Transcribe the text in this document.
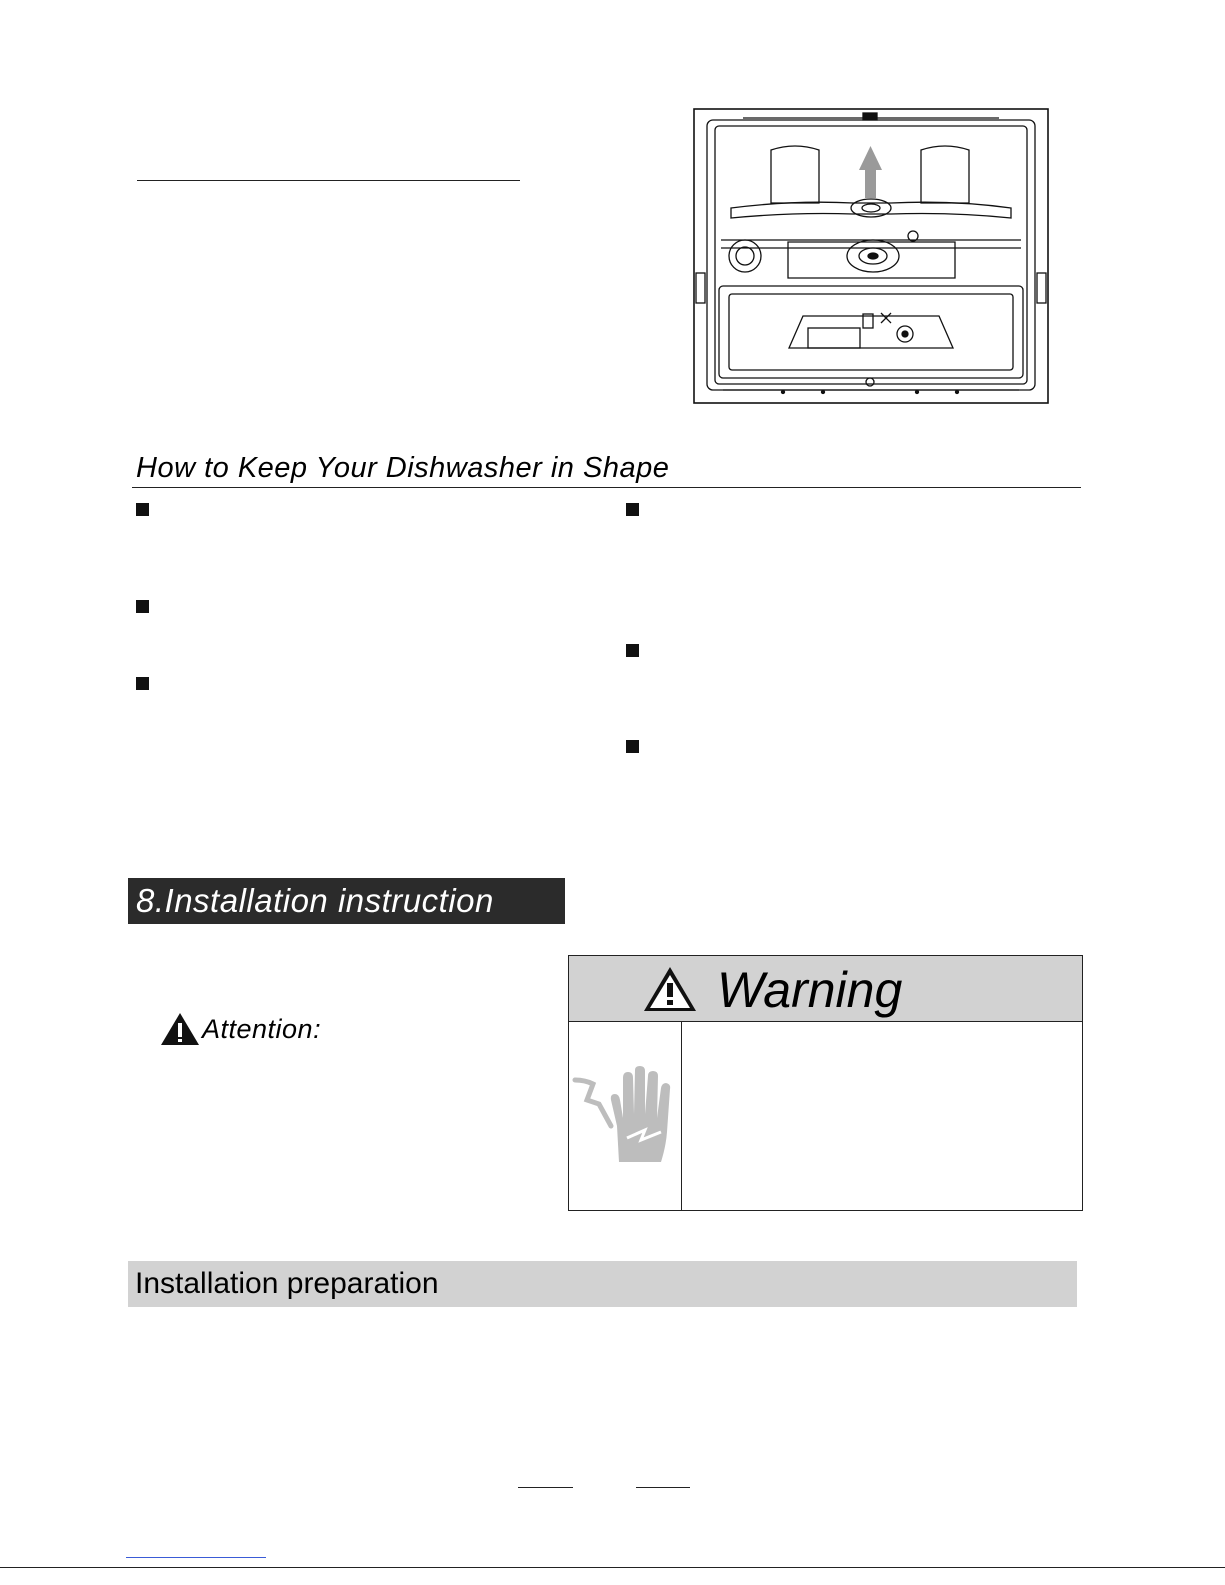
How to Keep Your Dishwasher in Shape
8.Installation instruction
Attention:
Warning
Installation preparation
